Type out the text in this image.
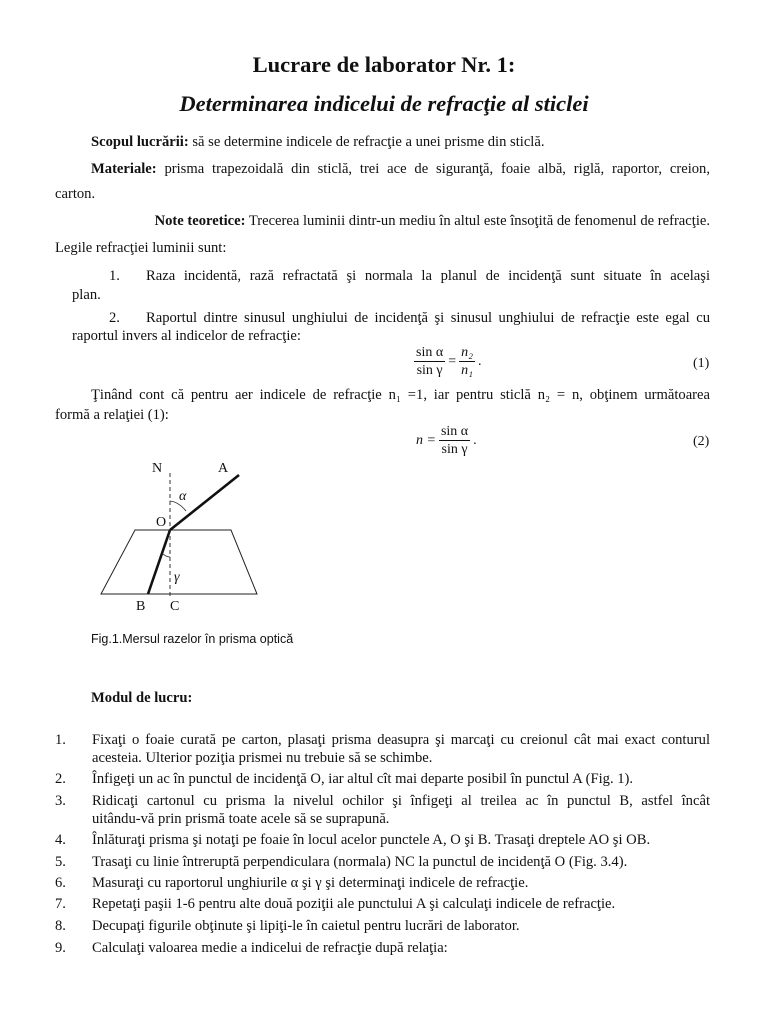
Lucrare de laborator Nr. 1:
Determinarea indicelui de refracţie al sticlei
Scopul lucrării: să se determine indicele de refracţie a unei prisme din sticlă.
Materiale: prisma trapezoidală din sticlă, trei ace de siguranţă, foaie albă, riglă, raportor, creion,
carton.
Note teoretice: Trecerea luminii dintr-un mediu în altul este însoţită de fenomenul de refracţie.
Legile refracţiei luminii sunt:
1. Raza incidentă, rază refractată şi normala la planul de incidenţă sunt situate în acelaşi
plan.
2. Raportul dintre sinusul unghiului de incidenţă şi sinusul unghiului de refracţie este egal cu
raportul invers al indicelor de refracţie:
$\frac{\text{sin α}}{\text{sin γ}} = \frac{\text{n₂}}{\text{n₁}}$ .	(1)
Ţinând cont că pentru aer indicele de refracţie n₁ =1, iar pentru sticlă n₂ = n, obţinem următoarea
formă a relaţiei (1):
$n = \frac{\text{sin α}}{\text{sin γ}}$ .	(2)
N	A
α
O
γ
B C
Fig.1.Mersul razelor în prisma optică
Modul de lucru:
1. Fixaţi o foaie curată pe carton, plasaţi prisma deasupra şi marcaţi cu creionul cât mai exact conturul
acesteia. Ulterior poziţia prismei nu trebuie să se schimbe.
2. Înfigeţi un ac în punctul de incidenţă O, iar altul cît mai departe posibil în punctul A (Fig. 1).
3. Ridicaţi cartonul cu prisma la nivelul ochilor şi înfigeţi al treilea ac în punctul B, astfel încât
uitându-vă prin prismă toate acele să se suprapună.
4. Înlăturaţi prisma şi notaţi pe foaie în locul acelor punctele A, O şi B. Trasaţi dreptele AO şi OB.
5. Trasaţi cu linie întreruptă perpendiculara (normala) NC la punctul de incidenţă O (Fig. 3.4).
6. Masuraţi cu raportorul unghiurile α şi γ şi determinaţi indicele de refracţie.
7. Repetaţi paşii 1-6 pentru alte două poziţii ale punctului A şi calculaţi indicele de refracţie.
8. Decupaţi figurile obţinute şi lipiţi-le în caietul pentru lucrări de laborator.
9. Calculaţi valoarea medie a indicelui de refracţie după relaţia:
